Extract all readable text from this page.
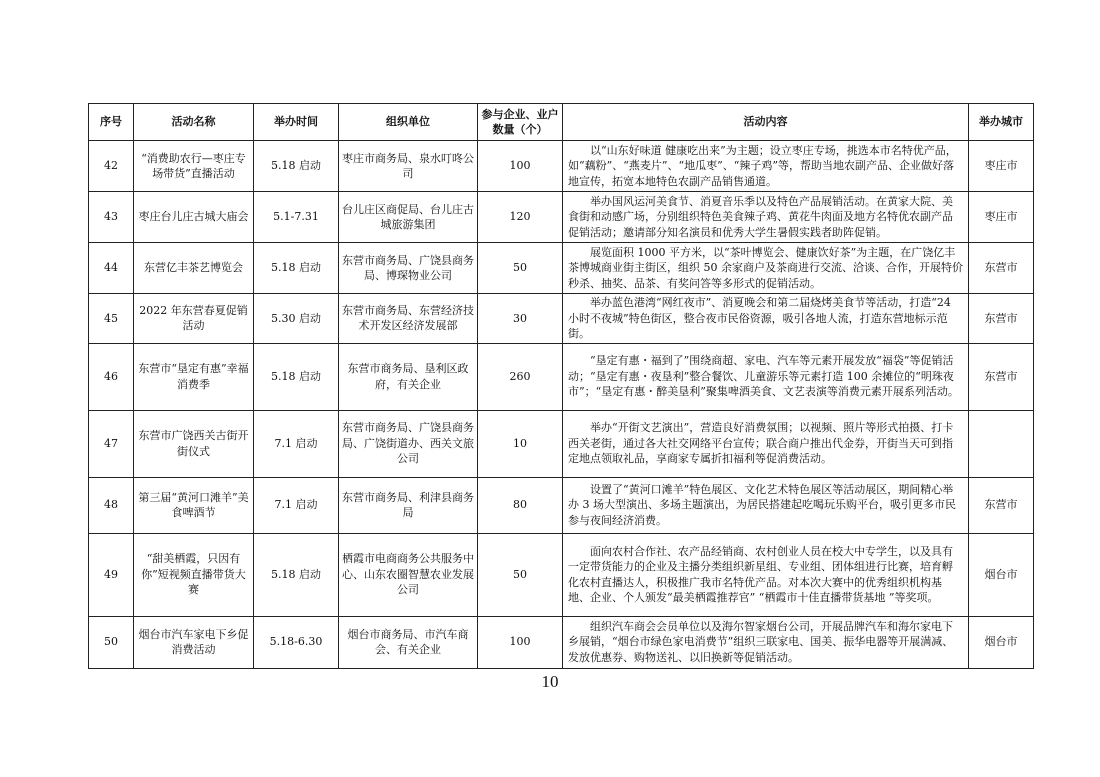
序号	活动名称	举办时间	组织单位	参与企业、业户数量（个）	活动内容	举办城市
42	“消费助农行—枣庄专场带货”直播活动	5.18 启动	枣庄市商务局、泉水叮咚公司	100	以“山东好味道 健康吃出来”为主题；设立枣庄专场，挑选本市名特优产品，如“藕粉”、“燕麦片”、“地瓜枣”、“辣子鸡”等，帮助当地农副产品、企业做好落地宣传，拓宽本地特色农副产品销售通道。	枣庄市
43	枣庄台儿庄古城大庙会	5.1-7.31	台儿庄区商促局、台儿庄古城旅游集团	120	举办国风运河美食节、消夏音乐季以及特色产品展销活动。在黄家大院、美食街和动感广场，分别组织特色美食辣子鸡、黄花牛肉面及地方名特优农副产品促销活动；邀请部分知名演员和优秀大学生暑假实践者助阵促销。	枣庄市
44	东营亿丰茶艺博览会	5.18 启动	东营市商务局、广饶县商务局、博琛物业公司	50	展览面积 1000 平方米，以“茶叶博览会、健康饮好茶”为主题，在广饶亿丰茶博城商业街主街区，组织 50 余家商户及茶商进行交流、洽谈、合作，开展特价秒杀、抽奖、品茶、有奖问答等多形式的促销活动。	东营市
45	2022 年东营春夏促销活动	5.30 启动	东营市商务局、东营经济技术开发区经济发展部	30	举办蓝色港湾“网红夜市”、消夏晚会和第二届烧烤美食节等活动，打造“24 小时不夜城”特色街区，整合夜市民俗资源，吸引各地人流，打造东营地标示范街。	东营市
46	东营市“垦定有惠”幸福消费季	5.18 启动	东营市商务局、垦利区政府，有关企业	260	“垦定有惠・福到了”围绕商超、家电、汽车等元素开展发放“福袋”等促销活动；“垦定有惠・夜垦利”整合餐饮、儿童游乐等元素打造 100 余摊位的“明珠夜市”；“垦定有惠・醉美垦利”聚集啤酒美食、文艺表演等消费元素开展系列活动。	东营市
47	东营市广饶西关古街开街仪式	7.1 启动	东营市商务局、广饶县商务局、广饶街道办、西关文旅公司	10	举办“开街文艺演出”，营造良好消费氛围；以视频、照片等形式拍摄、打卡西关老街，通过各大社交网络平台宣传；联合商户推出代金券，开街当天可到指定地点领取礼品，享商家专属折扣福利等促消费活动。	
48	第三届“黄河口滩羊”美食啤酒节	7.1 启动	东营市商务局、利津县商务局	80	设置了“黄河口滩羊”特色展区、文化艺术特色展区等活动展区，期间精心举办 3 场大型演出、多场主题演出，为居民搭建起吃喝玩乐购平台，吸引更多市民参与夜间经济消费。	东营市
49	“甜美栖霞，只因有你”短视频直播带货大赛	5.18 启动	栖霞市电商商务公共服务中心、山东农圈智慧农业发展公司	50	面向农村合作社、农产品经销商、农村创业人员在校大中专学生，以及具有一定带货能力的企业及主播分类组织新星组、专业组、团体组进行比赛，培育孵化农村直播达人，积极推广我市名特优产品。对本次大赛中的优秀组织机构基地、企业、个人颁发“最美栖霞推荐官” “栖霞市十佳直播带货基地 ”等奖项。	烟台市
50	烟台市汽车家电下乡促消费活动	5.18-6.30	烟台市商务局、市汽车商会、有关企业	100	组织汽车商会会员单位以及海尔智家烟台公司，开展品牌汽车和海尔家电下乡展销，“烟台市绿色家电消费节”组织三联家电、国美、振华电器等开展满减、发放优惠券、购物送礼、以旧换新等促销活动。	烟台市
10
